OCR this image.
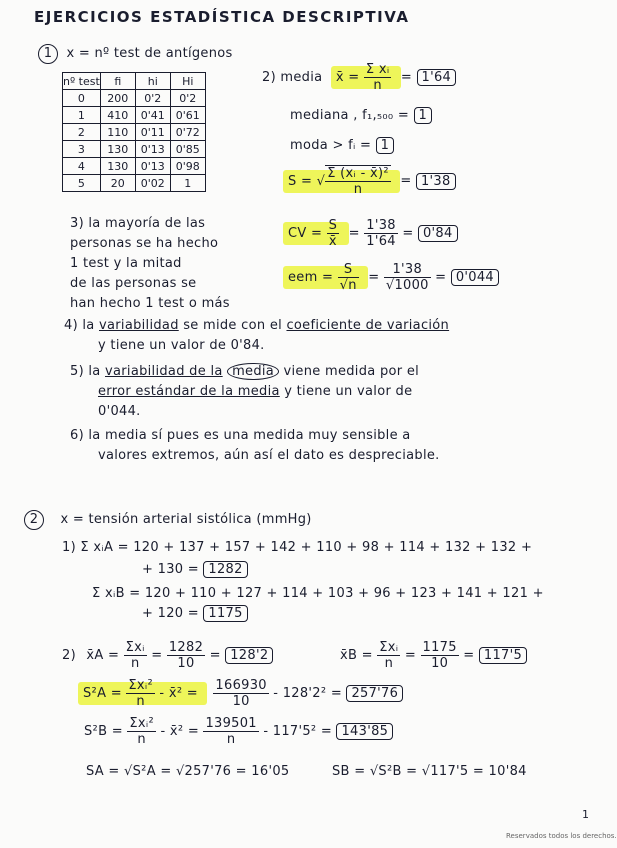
EJERCICIOS ESTADÍSTICA DESCRIPTIVA
1 x = nº test de antígenos
nº test	fi	hi	Hi
0	200	0'2	0'2
1	410	0'41	0'61
2	110	0'11	0'72
3	130	0'13	0'85
4	130	0'13	0'98
5	20	0'02	1
2) media x̄ = $\frac{\text{Σ xᵢ}}{n} = 1'64$
mediana , f₁,₅₀₀ = 1
moda > fᵢ = 1
S = √ $\frac{\text{Σ (xᵢ - x̄)²}}{n} = 1'38$
CV = $\frac{S}{x̄} = \frac{1'38}{1'64} = 0'84$
eem = $\frac{S}{√n} = \frac{1'38}{√1000} = 0'044$
3) la mayoría de las
personas se ha hecho
1 test y la mitad
de las personas se
han hecho 1 test o más
4) la variabilidad se mide con el coeficiente de variación
y tiene un valor de 0'84.
5) la variabilidad de la media viene medida por el
error estándar de la media y tiene un valor de
0'044.
6) la media sí pues es una medida muy sensible a
valores extremos, aún así el dato es despreciable.
2 x = tensión arterial sistólica (mmHg)
1) Σ xᵢA = 120 + 137 + 157 + 142 + 110 + 98 + 114 + 132 + 132 +
+ 130 = 1282
Σ xᵢB = 120 + 110 + 127 + 114 + 103 + 96 + 123 + 141 + 121 +
+ 120 = 1175
2) x̄A = $\frac{\text{Σxᵢ}}{n} = \frac{1282}{10} = 128'2$	x̄B = $\frac{\text{Σxᵢ}}{n} = \frac{1175}{10} = 117'5$
$S^2A = \frac{\text{Σxᵢ²}}{n}$ - x̄² = $\frac{166930}{10} - 128'2^2 = 257'76$
$S^2B = \frac{\text{Σxᵢ²}}{n}$ - x̄² = $\frac{139501}{n} - 117'5^2 = 143'85$
SA = √S²A = √257'76 = 16'05	SB = √S²B = √117'5 = 10'84
1
Reservados todos los derechos.
